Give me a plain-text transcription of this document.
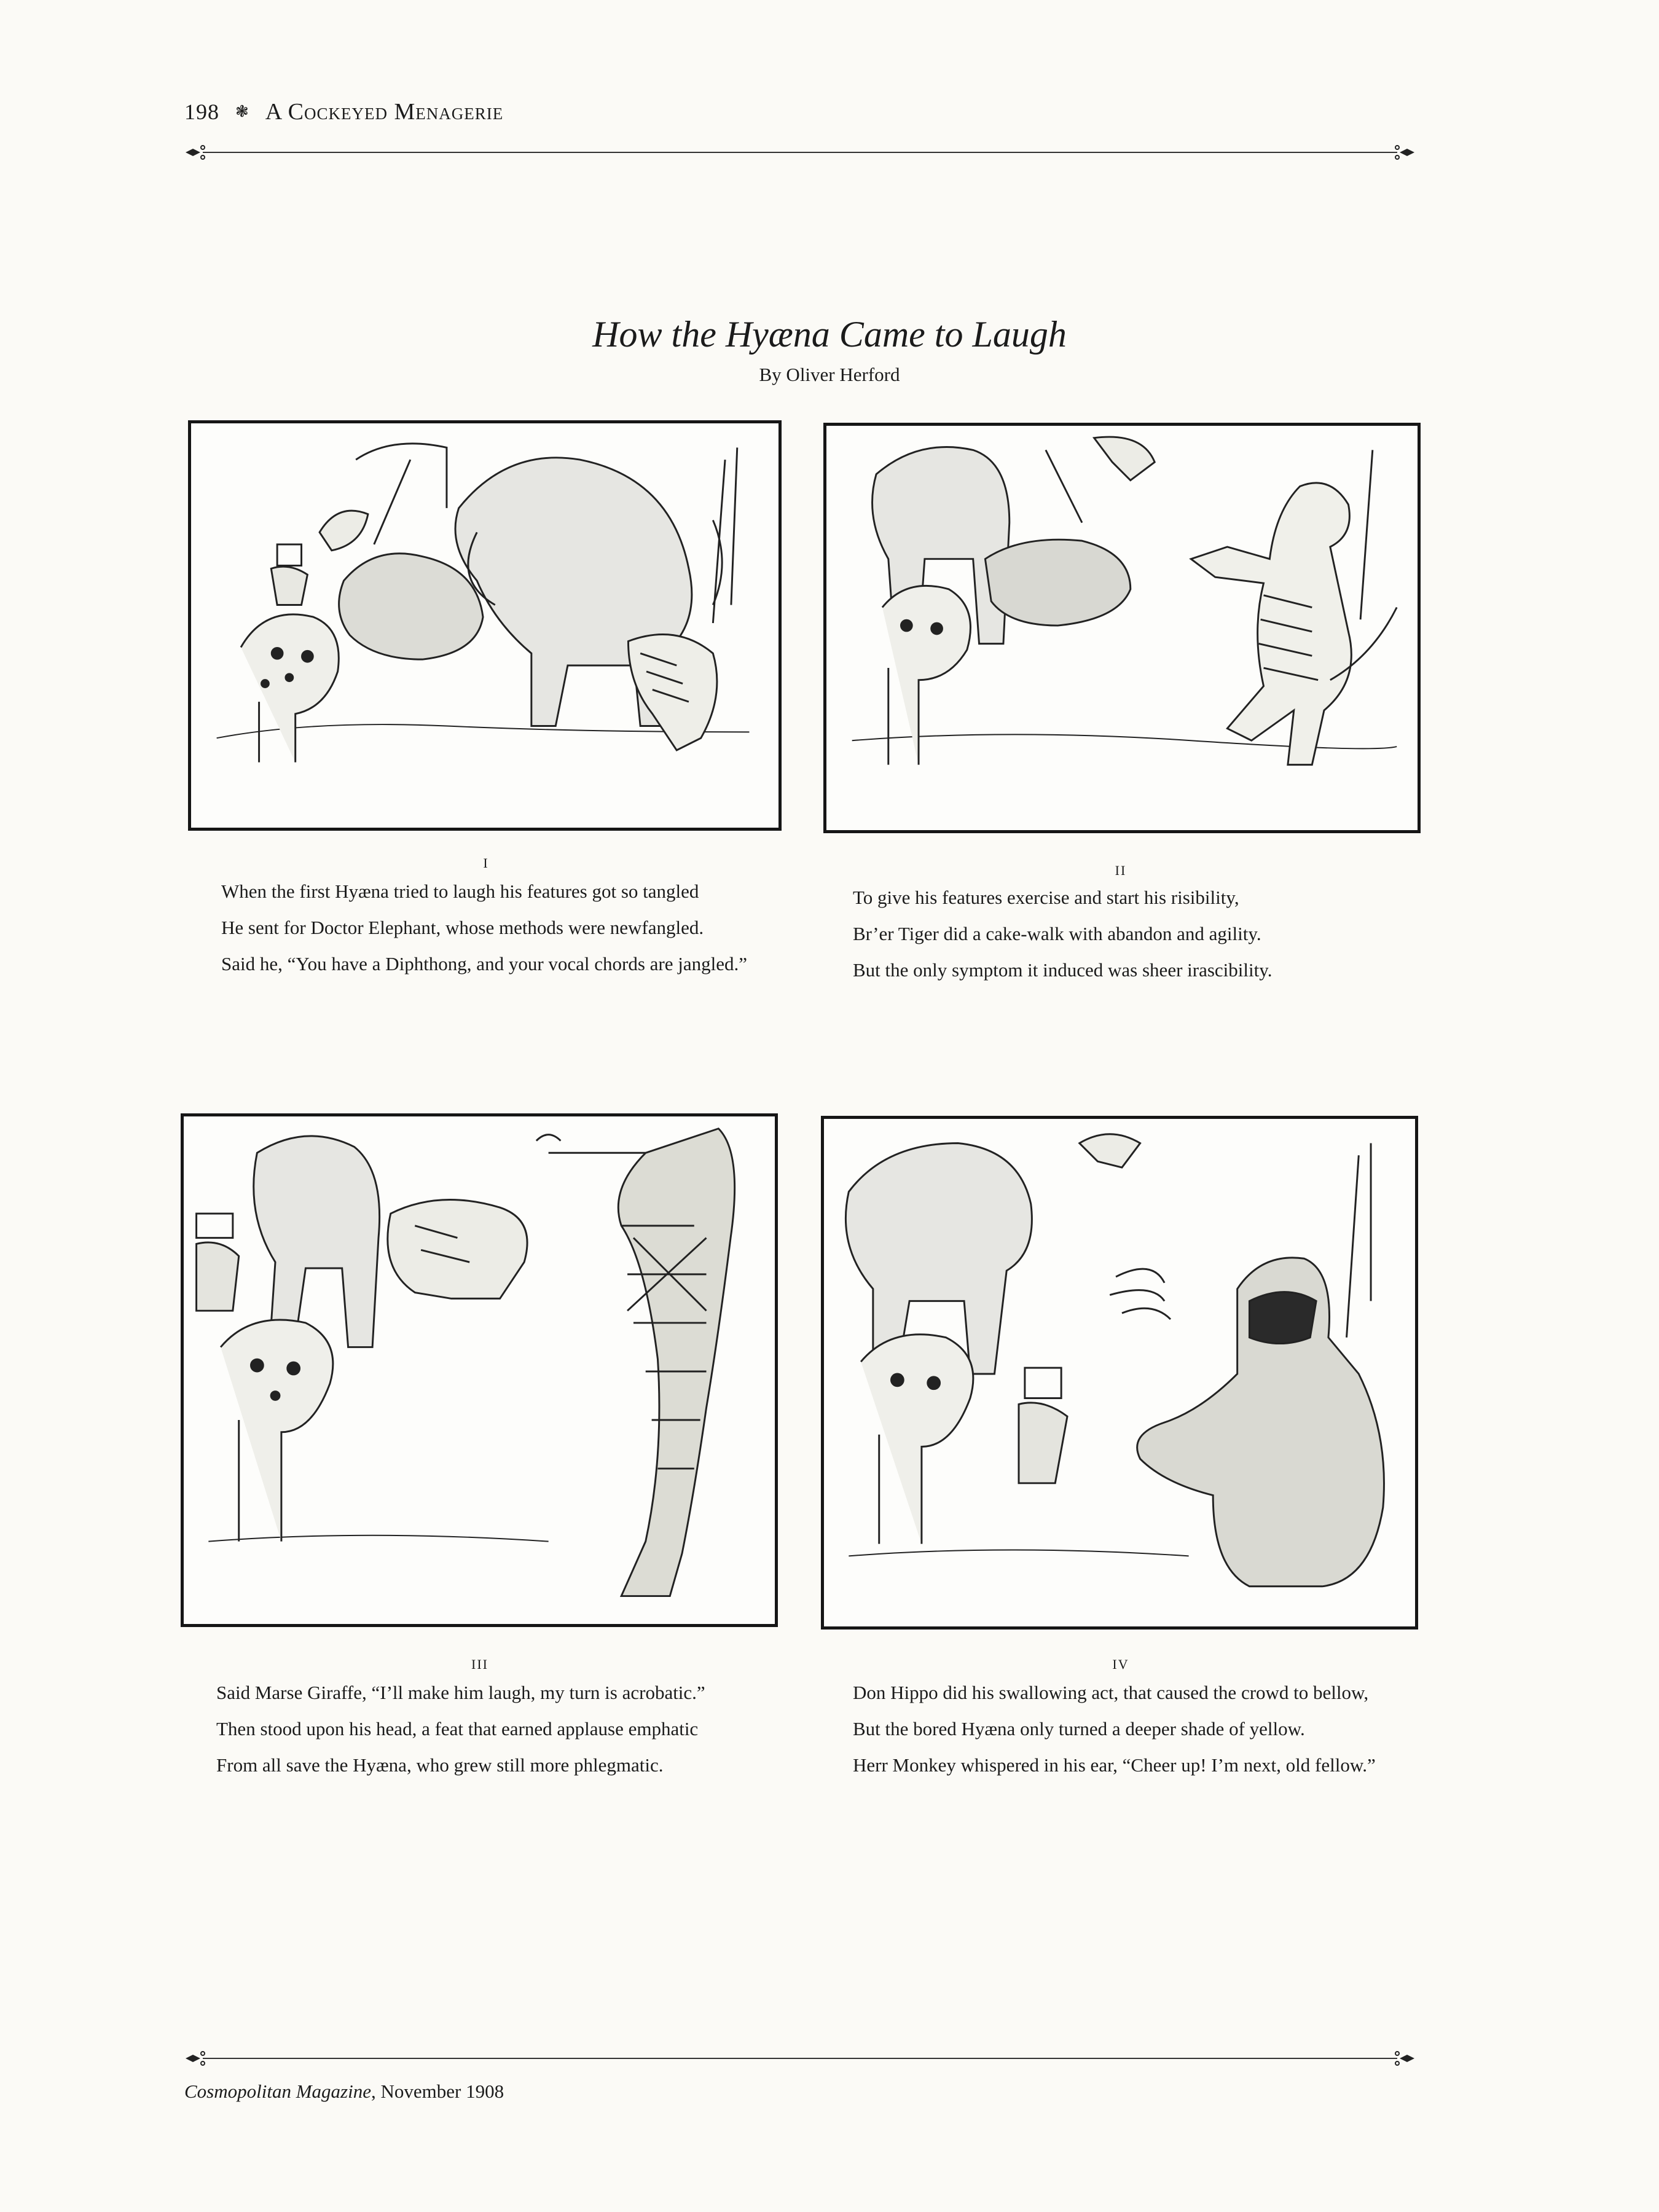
198 ❃ A Cockeyed Menagerie
How the Hyæna Came to Laugh
By Oliver Herford
I	II

When the first Hyæna tried to laugh his features got so tangled

He sent for Doctor Elephant, whose methods were newfangled.

Said he, “You have a Diphthong, and your vocal chords are jangled.”

To give his features exercise and start his risibility,

Br’er Tiger did a cake-walk with abandon and agility.

But the only symptom it induced was sheer irascibility.

III	IV

Said Marse Giraffe, “I’ll make him laugh, my turn is acrobatic.”

Then stood upon his head, a feat that earned applause emphatic

From all save the Hyæna, who grew still more phlegmatic.

Don Hippo did his swallowing act, that caused the crowd to bellow,

But the bored Hyæna only turned a deeper shade of yellow.

Herr Monkey whispered in his ear, “Cheer up! I’m next, old fellow.”

Cosmopolitan Magazine, November 1908
